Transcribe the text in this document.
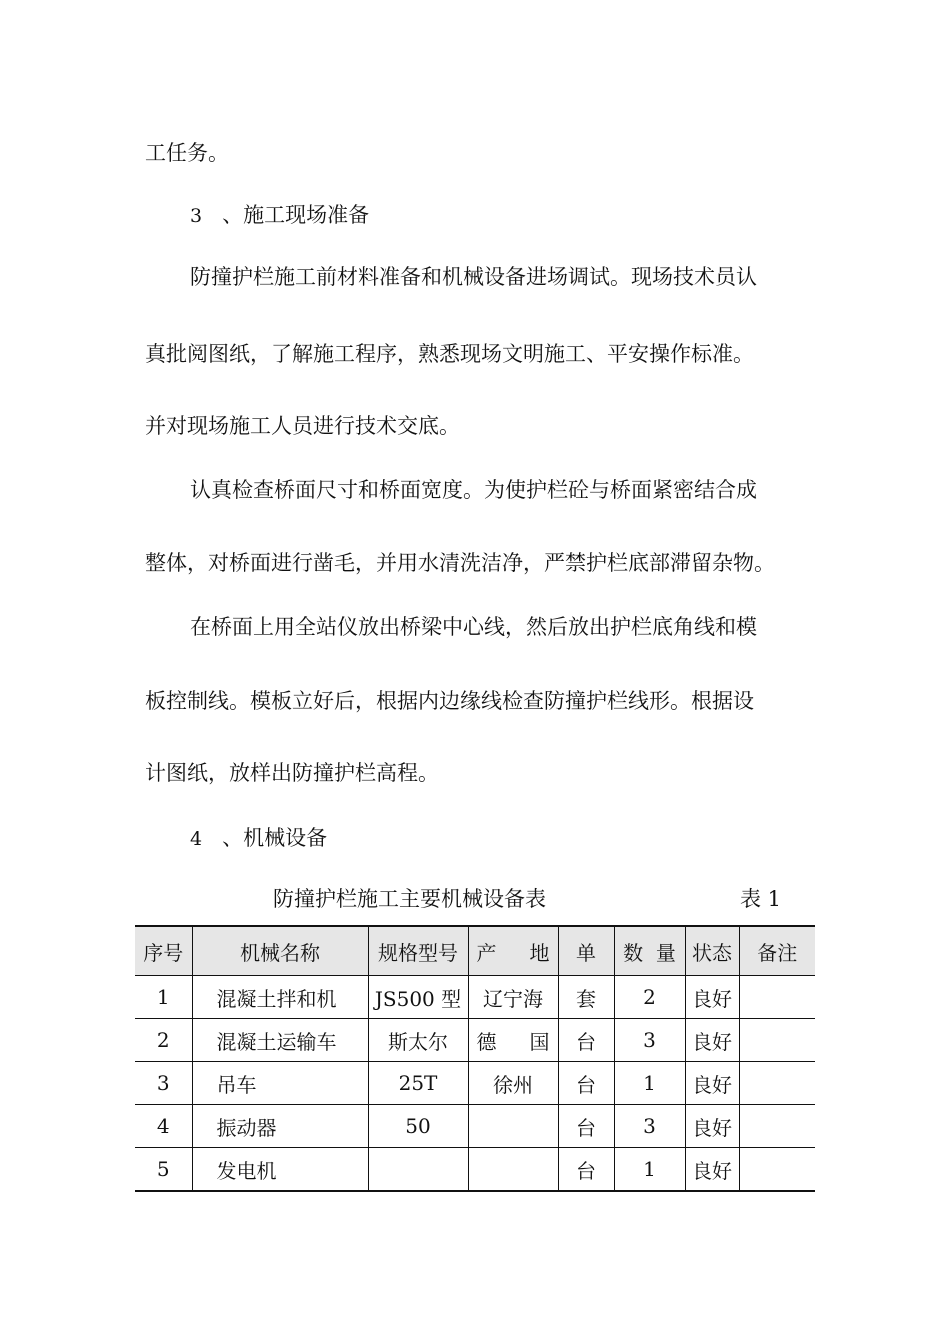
工任务。
3 、施工现场准备
防撞护栏施工前材料准备和机械设备进场调试。现场技术员认
真批阅图纸，了解施工程序，熟悉现场文明施工、平安操作标准。
并对现场施工人员进行技术交底。
认真检查桥面尺寸和桥面宽度。为使护栏砼与桥面紧密结合成
整体，对桥面进行凿毛，并用水清洗洁净，严禁护栏底部滞留杂物。
在桥面上用全站仪放出桥梁中心线，然后放出护栏底角线和模
板控制线。模板立好后，根据内边缘线检查防撞护栏线形。根据设
计图纸，放样出防撞护栏高程。
4 、机械设备
防撞护栏施工主要机械设备表	表 1
序号	机械名称	规格型号	产 地	单	数 量	状态	备注
1	混凝土拌和机	JS500 型	辽宁海	套	2	良好	
2	混凝土运输车	斯太尔	德 国	台	3	良好	
3	吊车	25T	徐州	台	1	良好	
4	振动器	50		台	3	良好	
5	发电机			台	1	良好	
